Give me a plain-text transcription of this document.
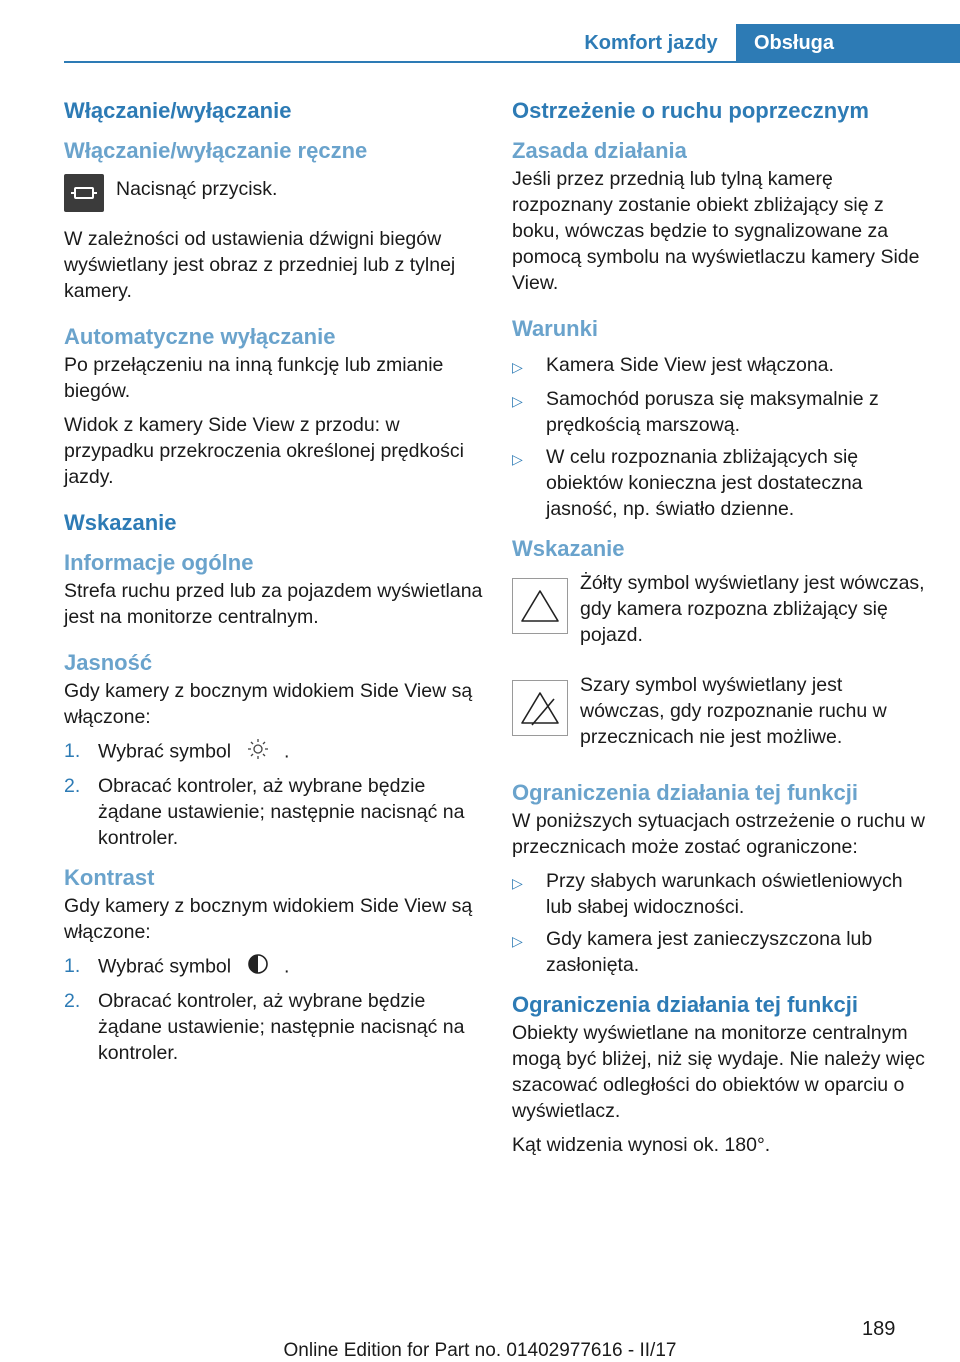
Komfort jazdy	Obsługa
Włączanie/wyłączanie
Włączanie/wyłączanie ręczne

Nacisnąć przycisk.

W zależności od ustawienia dźwigni biegów wyświetlany jest obraz z przedniej lub z tylnej kamery.

Automatyczne wyłączanie

Po przełączeniu na inną funkcję lub zmianie biegów.

Widok z kamery Side View z przodu: w przypadku przekroczenia określonej prędkości jazdy.

Wskazanie
Informacje ogólne

Strefa ruchu przed lub za pojazdem wyświetlana jest na monitorze centralnym.

Jasność

Gdy kamery z bocznym widokiem Side View są włączone:

1. Wybrać symbol	.
2. Obracać kontroler, aż wybrane będzie żądane ustawienie; następnie nacisnąć na kontroler.
Kontrast

Gdy kamery z bocznym widokiem Side View są włączone:

1. Wybrać symbol	.
2. Obracać kontroler, aż wybrane będzie żądane ustawienie; następnie nacisnąć na kontroler.
Ostrzeżenie o ruchu poprzecznym
Zasada działania

Jeśli przez przednią lub tylną kamerę rozpoznany zostanie obiekt zbliżający się z boku, wówczas będzie to sygnalizowane za pomocą symbolu na wyświetlaczu kamery Side View.

Warunki
▷	Kamera Side View jest włączona.
▷	Samochód porusza się maksymalnie z prędkością marszową.
▷	W celu rozpoznania zbliżających się obiektów konieczna jest dostateczna jasność, np. światło dzienne.
Wskazanie

Żółty symbol wyświetlany jest wówczas, gdy kamera rozpozna zbliżający się pojazd.

Szary symbol wyświetlany jest wówczas, gdy rozpoznanie ruchu w przecznicach nie jest możliwe.

Ograniczenia działania tej funkcji

W poniższych sytuacjach ostrzeżenie o ruchu w przecznicach może zostać ograniczone:

▷	Przy słabych warunkach oświetleniowych lub słabej widoczności.
▷	Gdy kamera jest zanieczyszczona lub zasłonięta.
Ograniczenia działania tej funkcji

Obiekty wyświetlane na monitorze centralnym mogą być bliżej, niż się wydaje. Nie należy więc szacować odległości do obiektów w oparciu o wyświetlacz.

Kąt widzenia wynosi ok. 180°.

189
Online Edition for Part no. 01402977616 - II/17
